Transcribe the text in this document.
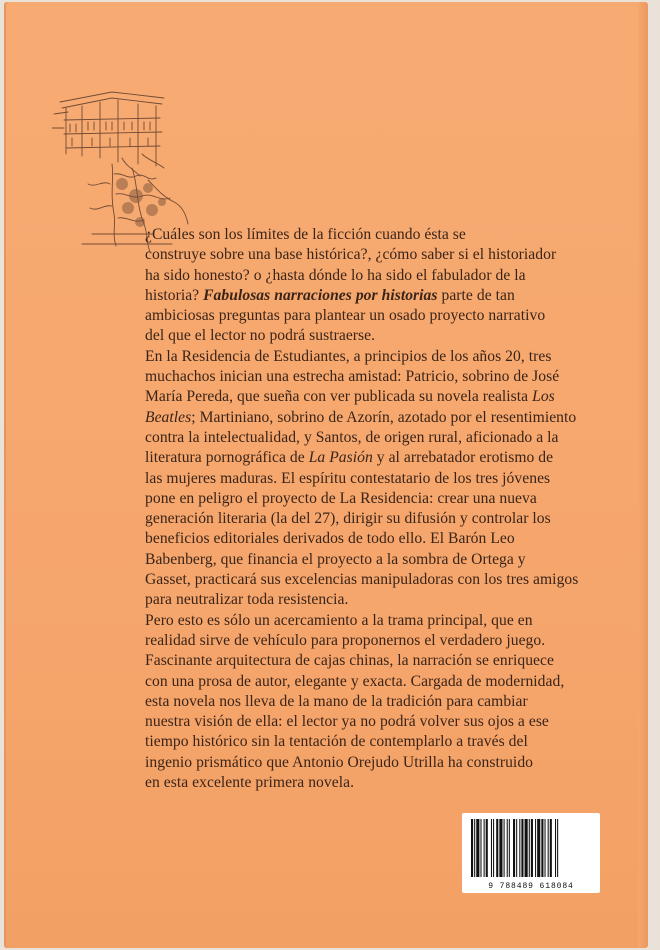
¿Cuáles son los límites de la ficción cuando ésta se
construye sobre una base histórica?, ¿cómo saber si el historiador
ha sido honesto? o ¿hasta dónde lo ha sido el fabulador de la
historia? Fabulosas narraciones por historias parte de tan
ambiciosas preguntas para plantear un osado proyecto narrativo
del que el lector no podrá sustraerse.

En la Residencia de Estudiantes, a principios de los años 20, tres
muchachos inician una estrecha amistad: Patricio, sobrino de José
María Pereda, que sueña con ver publicada su novela realista Los
Beatles; Martiniano, sobrino de Azorín, azotado por el resentimiento
contra la intelectualidad, y Santos, de origen rural, aficionado a la
literatura pornográfica de La Pasión y al arrebatador erotismo de
las mujeres maduras. El espíritu contestatario de los tres jóvenes
pone en peligro el proyecto de La Residencia: crear una nueva
generación literaria (la del 27), dirigir su difusión y controlar los
beneficios editoriales derivados de todo ello. El Barón Leo
Babenberg, que financia el proyecto a la sombra de Ortega y
Gasset, practicará sus excelencias manipuladoras con los tres amigos
para neutralizar toda resistencia.

Pero esto es sólo un acercamiento a la trama principal, que en
realidad sirve de vehículo para proponernos el verdadero juego.
Fascinante arquitectura de cajas chinas, la narración se enriquece
con una prosa de autor, elegante y exacta. Cargada de modernidad,
esta novela nos lleva de la mano de la tradición para cambiar
nuestra visión de ella: el lector ya no podrá volver sus ojos a ese
tiempo histórico sin la tentación de contemplarlo a través del
ingenio prismático que Antonio Orejudo Utrilla ha construido
en esta excelente primera novela.

9 788489 618084
